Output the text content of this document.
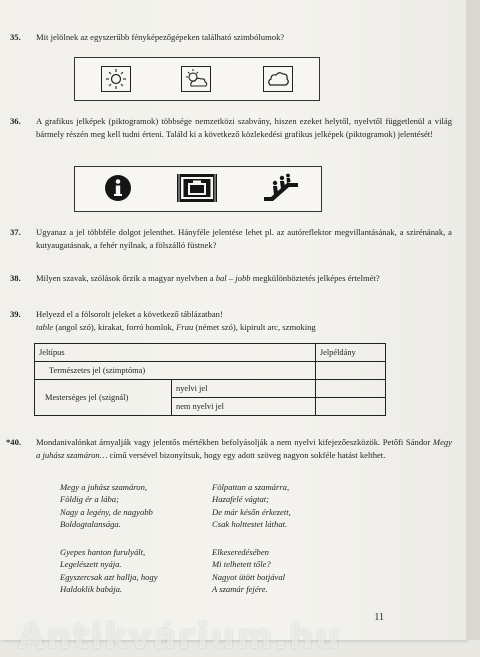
35. Mit jelölnek az egyszerűbb fényképezőgépeken található szimbólumok?
36. A grafikus jelképek (piktogramok) többsége nemzetközi szabvány, hiszen ezeket helytől, nyelvtől függetlenül a világ bármely részén meg kell tudni érteni. Találd ki a következő közlekedési grafikus jelképek (piktogramok) jelentését!
37. Ugyanaz a jel többféle dolgot jelenthet. Hányféle jelentése lehet pl. az autóreflektor megvillantásának, a szirénának, a kutyaugatásnak, a fehér nyílnak, a fölszálló füstnek?
38. Milyen szavak, szólások őrzik a magyar nyelvben a bal – jobb megkülönböztetés jelképes értelmét?
39. Helyezd el a fölsorolt jeleket a következő táblázatban!
table (angol szó), kirakat, forró homlok, Frau (német szó), kipirult arc, szmoking
Jeltípus		Jelpéldány
Természetes jel (szimptóma)		
Mesterséges jel (szignál)	nyelvi jel	
	nem nyelvi jel	
*40. Mondanivalónkat árnyalják vagy jelentős mértékben befolyásolják a nem nyelvi kifejezőeszközök. Petőfi Sándor Megy a juhász szamáron… című versével bizonyítsuk, hogy egy adott szöveg nagyon sokféle hatást kelthet.
Megy a juhász szamáron,
Földig ér a lába;
Nagy a legény, de nagyobb
Boldogtalansága.
Fölpattan a szamárra,
Hazafelé vágtat;
De már későn érkezett,
Csak holttestet láthat.
Gyepes hanton furulyált,
Legelészett nyája.
Egyszercsak azt hallja, hogy
Haldoklik babája.
Elkeseredésében
Mi telhetett tőle?
Nagyot ütött botjával
A szamár fejére.
11
Antikvárium.hu
